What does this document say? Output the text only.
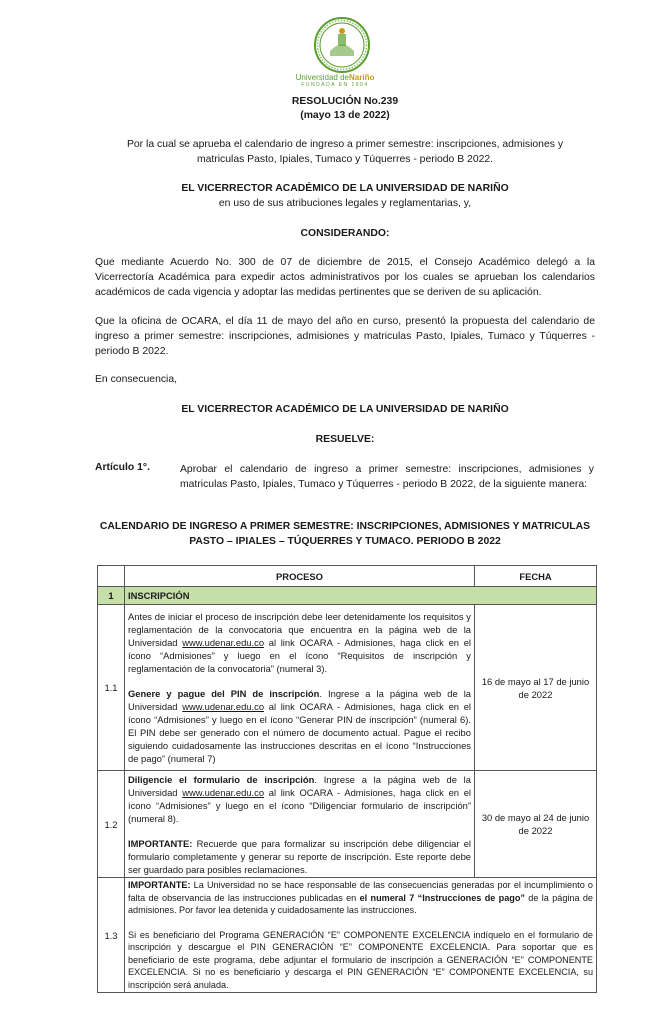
Universidad deNariño
FUNDADA EN 1904
RESOLUCIÓN No.239
(mayo 13 de 2022)
Por la cual se aprueba el calendario de ingreso a primer semestre: inscripciones, admisiones y
matriculas Pasto, Ipiales, Tumaco y Túquerres - periodo B 2022.
EL VICERRECTOR ACADÉMICO DE LA UNIVERSIDAD DE NARIÑO
en uso de sus atribuciones legales y reglamentarias, y,
CONSIDERANDO:
Que mediante Acuerdo No. 300 de 07 de diciembre de 2015, el Consejo Académico delegó a la Vicerrectoría Académica para expedir actos administrativos por los cuales se aprueban los calendarios académicos de cada vigencia y adoptar las medidas pertinentes que se deriven de su aplicación.
Que la oficina de OCARA, el día 11 de mayo del año en curso, presentó la propuesta del calendario de ingreso a primer semestre: inscripciones, admisiones y matriculas Pasto, Ipiales, Tumaco y Túquerres - periodo B 2022.
En consecuencia,
EL VICERRECTOR ACADÉMICO DE LA UNIVERSIDAD DE NARIÑO
RESUELVE:
Artículo 1°.	Aprobar el calendario de ingreso a primer semestre: inscripciones, admisiones y matriculas Pasto, Ipiales, Tumaco y Túquerres - periodo B 2022, de la siguiente manera:
CALENDARIO DE INGRESO A PRIMER SEMESTRE: INSCRIPCIONES, ADMISIONES Y MATRICULAS
PASTO – IPIALES – TÚQUERRES Y TUMACO. PERIODO B 2022
	PROCESO	FECHA
1	INSCRIPCIÓN	
1.1	Antes de iniciar el proceso de inscripción debe leer detenidamente los requisitos y reglamentación de la convocatoria que encuentra en la página web de la Universidad www.udenar.edu.co al link OCARA - Admisiones, haga click en el ícono “Admisiones” y luego en el ícono “Requisitos de inscripción y reglamentación de la convocatoria” (numeral 3).

Genere y pague del PIN de inscripción. Ingrese a la página web de la Universidad www.udenar.edu.co al link OCARA - Admisiones, haga click en el ícono “Admisiones” y luego en el ícono “Generar PIN de inscripción” (numeral 6). El PIN debe ser generado con el número de documento actual. Pague el recibo siguiendo cuidadosamente las instrucciones descritas en el ícono “Instrucciones de pago” (numeral 7)	16 de mayo al 17 de junio de 2022
1.2	Diligencie el formulario de inscripción. Ingrese a la página web de la Universidad www.udenar.edu.co al link OCARA - Admisiones, haga click en el ícono “Admisiones” y luego en el ícono “Diligenciar formulario de inscripción” (numeral 8).

IMPORTANTE: Recuerde que para formalizar su inscripción debe diligenciar el formulario completamente y generar su reporte de inscripción. Este reporte debe ser guardado para posibles reclamaciones.	30 de mayo al 24 de junio de 2022
1.3	IMPORTANTE: La Universidad no se hace responsable de las consecuencias generadas por el incumplimiento o falta de observancia de las instrucciones publicadas en el numeral 7 “Instrucciones de pago” de la página de admisiones. Por favor lea detenida y cuidadosamente las instrucciones.

Si es beneficiario del Programa GENERACIÓN “E” COMPONENTE EXCELENCIA indíquelo en el formulario de inscripción y descargue el PIN GENERACIÓN “E” COMPONENTE EXCELENCIA. Para soportar que es beneficiario de este programa, debe adjuntar el formulario de inscripción a GENERACIÓN “E” COMPONENTE EXCELENCIA. Si no es beneficiario y descarga el PIN GENERACIÓN “E” COMPONENTE EXCELENCIA, su inscripción será anulada.	
